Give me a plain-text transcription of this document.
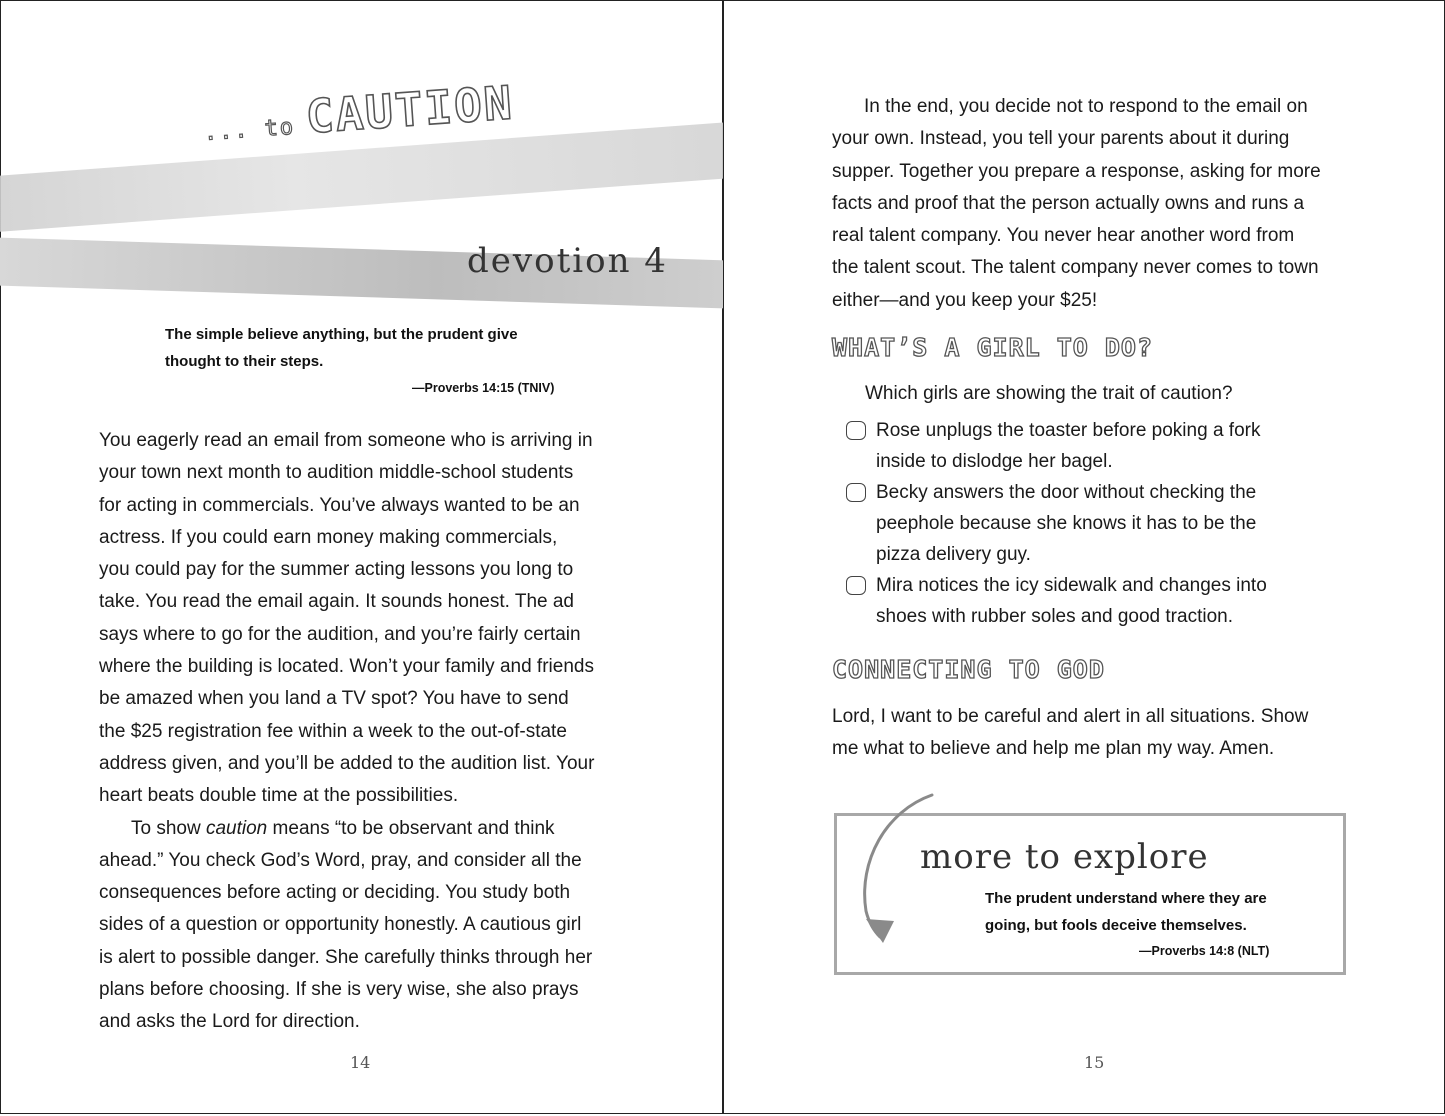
... to CAUTION
devotion 4
The simple believe anything, but the prudent give
thought to their steps.
—Proverbs 14:15 (TNIV)
You eagerly read an email from someone who is arriving in
your town next month to audition middle-school students
for acting in commercials. You’ve always wanted to be an
actress. If you could earn money making commercials,
you could pay for the summer acting lessons you long to
take. You read the email again. It sounds honest. The ad
says where to go for the audition, and you’re fairly certain
where the building is located. Won’t your family and friends
be amazed when you land a TV spot? You have to send
the $25 registration fee within a week to the out-of-state
address given, and you’ll be added to the audition list. Your
heart beats double time at the possibilities.
To show caution means “to be observant and think
ahead.” You check God’s Word, pray, and consider all the
consequences before acting or deciding. You study both
sides of a question or opportunity honestly. A cautious girl
is alert to possible danger. She carefully thinks through her
plans before choosing. If she is very wise, she also prays
and asks the Lord for direction.
14
In the end, you decide not to respond to the email on
your own. Instead, you tell your parents about it during
supper. Together you prepare a response, asking for more
facts and proof that the person actually owns and runs a
real talent company. You never hear another word from
the talent scout. The talent company never comes to town
either—and you keep your $25!
WHAT’S A GIRL TO DO?
Which girls are showing the trait of caution?
Rose unplugs the toaster before poking a fork
inside to dislodge her bagel.
Becky answers the door without checking the
peephole because she knows it has to be the
pizza delivery guy.
Mira notices the icy sidewalk and changes into
shoes with rubber soles and good traction.
CONNECTING TO GOD
Lord, I want to be careful and alert in all situations. Show
me what to believe and help me plan my way. Amen.
more to explore
The prudent understand where they are
going, but fools deceive themselves.
—Proverbs 14:8 (NLT)
15
